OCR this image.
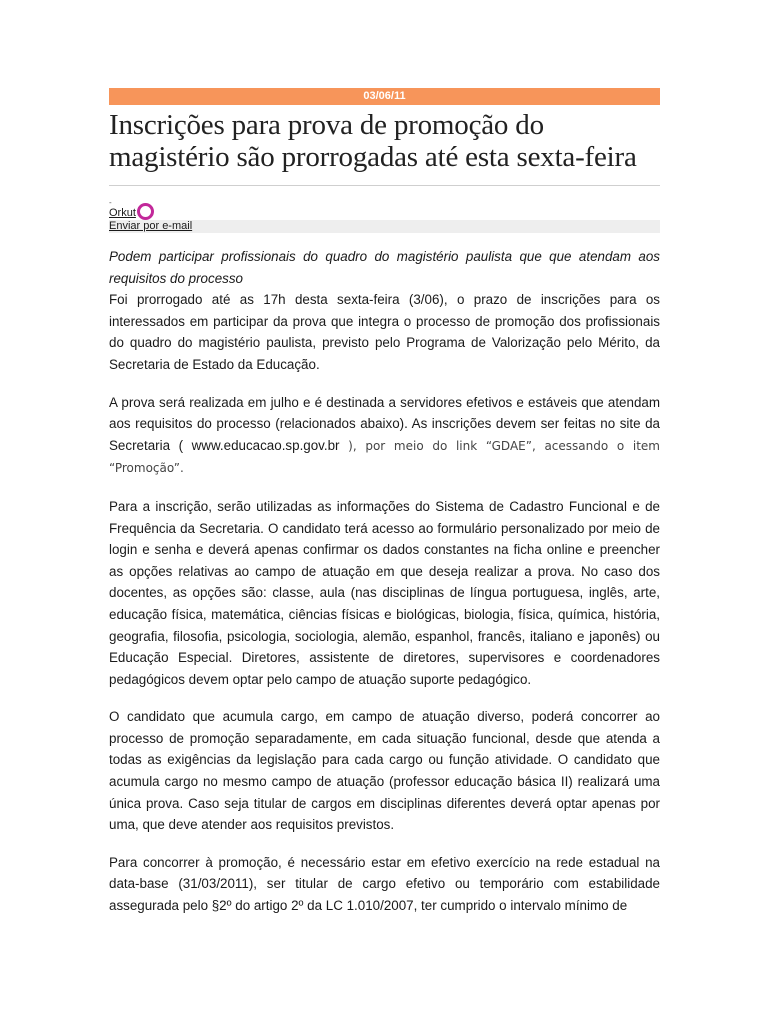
03/06/11
Inscrições para prova de promoção do magistério são prorrogadas até esta sexta-feira
-
Orkut
Enviar por e-mail

Podem participar profissionais do quadro do magistério paulista que que atendam aos requisitos do processo

Foi prorrogado até as 17h desta sexta-feira (3/06), o prazo de inscrições para os interessados em participar da prova que integra o processo de promoção dos profissionais do quadro do magistério paulista, previsto pelo Programa de Valorização pelo Mérito, da Secretaria de Estado da Educação.

A prova será realizada em julho e é destinada a servidores efetivos e estáveis que atendam aos requisitos do processo (relacionados abaixo). As inscrições devem ser feitas no site da Secretaria ( www.educacao.sp.gov.br ), por meio do link “GDAE”, acessando o item “Promoção”.

Para a inscrição, serão utilizadas as informações do Sistema de Cadastro Funcional e de Frequência da Secretaria. O candidato terá acesso ao formulário personalizado por meio de login e senha e deverá apenas confirmar os dados constantes na ficha online e preencher as opções relativas ao campo de atuação em que deseja realizar a prova. No caso dos docentes, as opções são: classe, aula (nas disciplinas de língua portuguesa, inglês, arte, educação física, matemática, ciências físicas e biológicas, biologia, física, química, história, geografia, filosofia, psicologia, sociologia, alemão, espanhol, francês, italiano e japonês) ou Educação Especial. Diretores, assistente de diretores, supervisores e coordenadores pedagógicos devem optar pelo campo de atuação suporte pedagógico.

O candidato que acumula cargo, em campo de atuação diverso, poderá concorrer ao processo de promoção separadamente, em cada situação funcional, desde que atenda a todas as exigências da legislação para cada cargo ou função atividade. O candidato que acumula cargo no mesmo campo de atuação (professor educação básica II) realizará uma única prova. Caso seja titular de cargos em disciplinas diferentes deverá optar apenas por uma, que deve atender aos requisitos previstos.

Para concorrer à promoção, é necessário estar em efetivo exercício na rede estadual na data-base (31/03/2011), ser titular de cargo efetivo ou temporário com estabilidade assegurada pelo §2º do artigo 2º da LC 1.010/2007, ter cumprido o intervalo mínimo de
